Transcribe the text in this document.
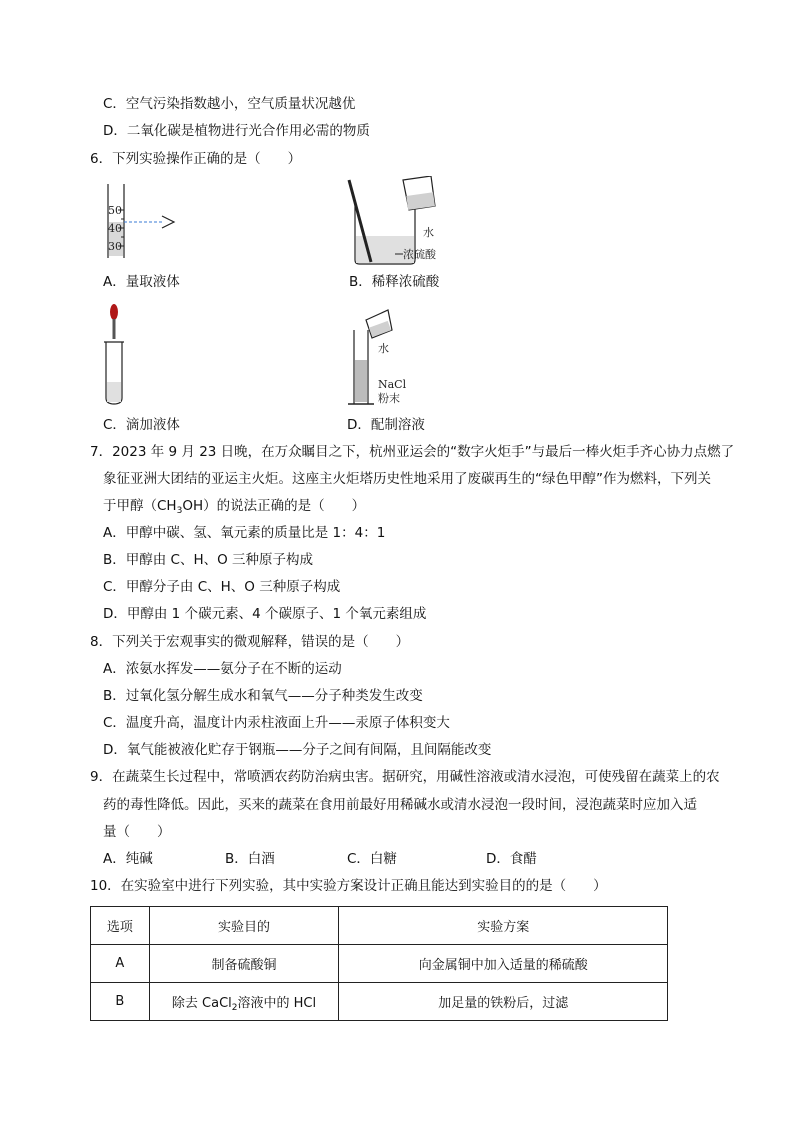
C．空气污染指数越小，空气质量状况越优
D．二氧化碳是植物进行光合作用必需的物质
6．下列实验操作正确的是（　　）
50
40
30
A．量取液体
水
浓硫酸
B．稀释浓硫酸
C．滴加液体
水
NaCl
粉末
D．配制溶液
7．2023 年 9 月 23 日晚，在万众瞩目之下，杭州亚运会的“数字火炬手”与最后一棒火炬手齐心协力点燃了
象征亚洲大团结的亚运主火炬。这座主火炬塔历史性地采用了废碳再生的“绿色甲醇”作为燃料，下列关
于甲醇$(CH_3OH)$的说法正确的是（　　）
A．甲醇中碳、氢、氧元素的质量比是 1：4：1
B．甲醇由 C、H、O 三种原子构成
C．甲醇分子由 C、H、O 三种原子构成
D．甲醇由 1 个碳元素、4 个碳原子、1 个氧元素组成
8．下列关于宏观事实的微观解释，错误的是（　　）
A．浓氨水挥发——氨分子在不断的运动
B．过氧化氢分解生成水和氧气——分子种类发生改变
C．温度升高，温度计内汞柱液面上升——汞原子体积变大
D．氧气能被液化贮存于钢瓶——分子之间有间隔，且间隔能改变
9．在蔬菜生长过程中，常喷洒农药防治病虫害。据研究，用碱性溶液或清水浸泡，可使残留在蔬菜上的农
药的毒性降低。因此，买来的蔬菜在食用前最好用稀碱水或清水浸泡一段时间，浸泡蔬菜时应加入适
量（　　）
A．纯碱	B．白酒	C．白糖	D．食醋
10．在实验室中进行下列实验，其中实验方案设计正确且能达到实验目的的是（　　）
选项	实验目的	实验方案
A	制备硫酸铜	向金属铜中加入适量的稀硫酸
B	除去 CaCl$_2$溶液中的 HCl	加足量的铁粉后，过滤
